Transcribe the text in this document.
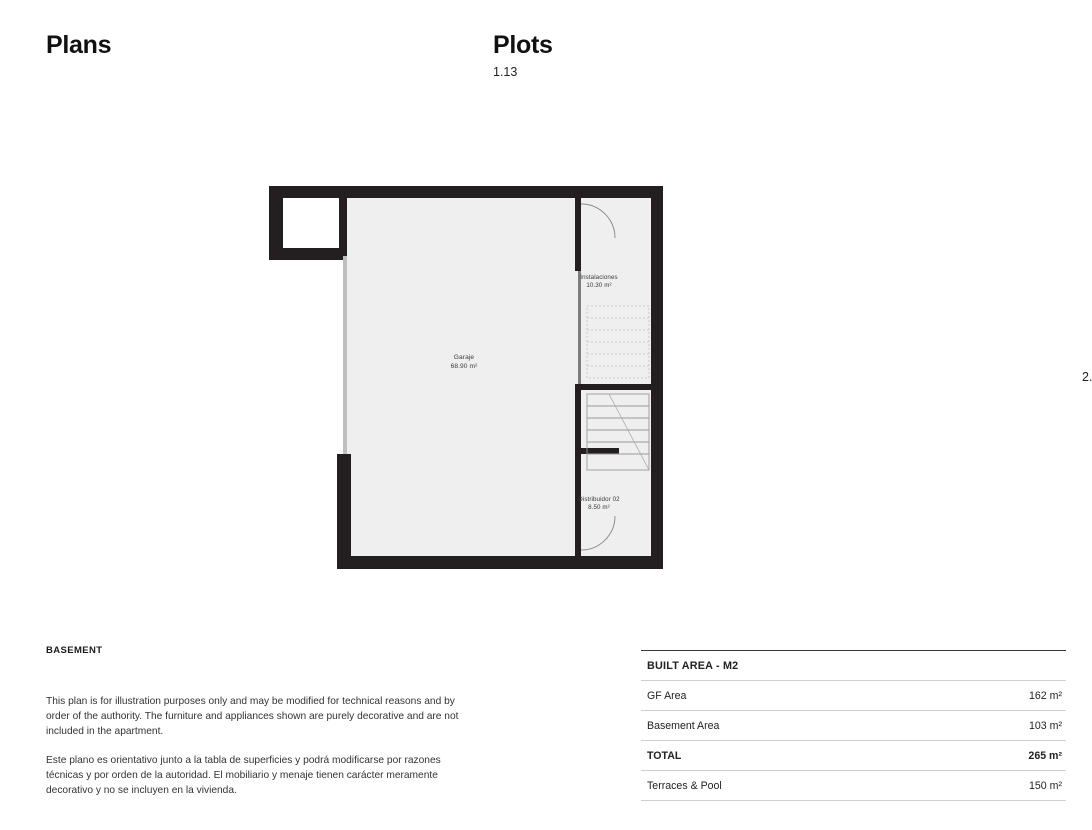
Plans	Plots
1.13
2.
Garaje
68.90 m²
Instalaciones
10.30 m²
Distribuidor 02
8.50 m²
BASEMENT

This plan is for illustration purposes only and may be modified for technical reasons and by order of the authority. The furniture and appliances shown are purely decorative and are not included in the apartment.

Este plano es orientativo junto a la tabla de superficies y podrá modificarse por razones técnicas y por orden de la autoridad. El mobiliario y menaje tienen carácter meramente decorativo y no se incluyen en la vivienda.

BUILT AREA - M2	
GF Area	162 m²
Basement Area	103 m²
TOTAL	265 m²
Terraces & Pool	150 m²
